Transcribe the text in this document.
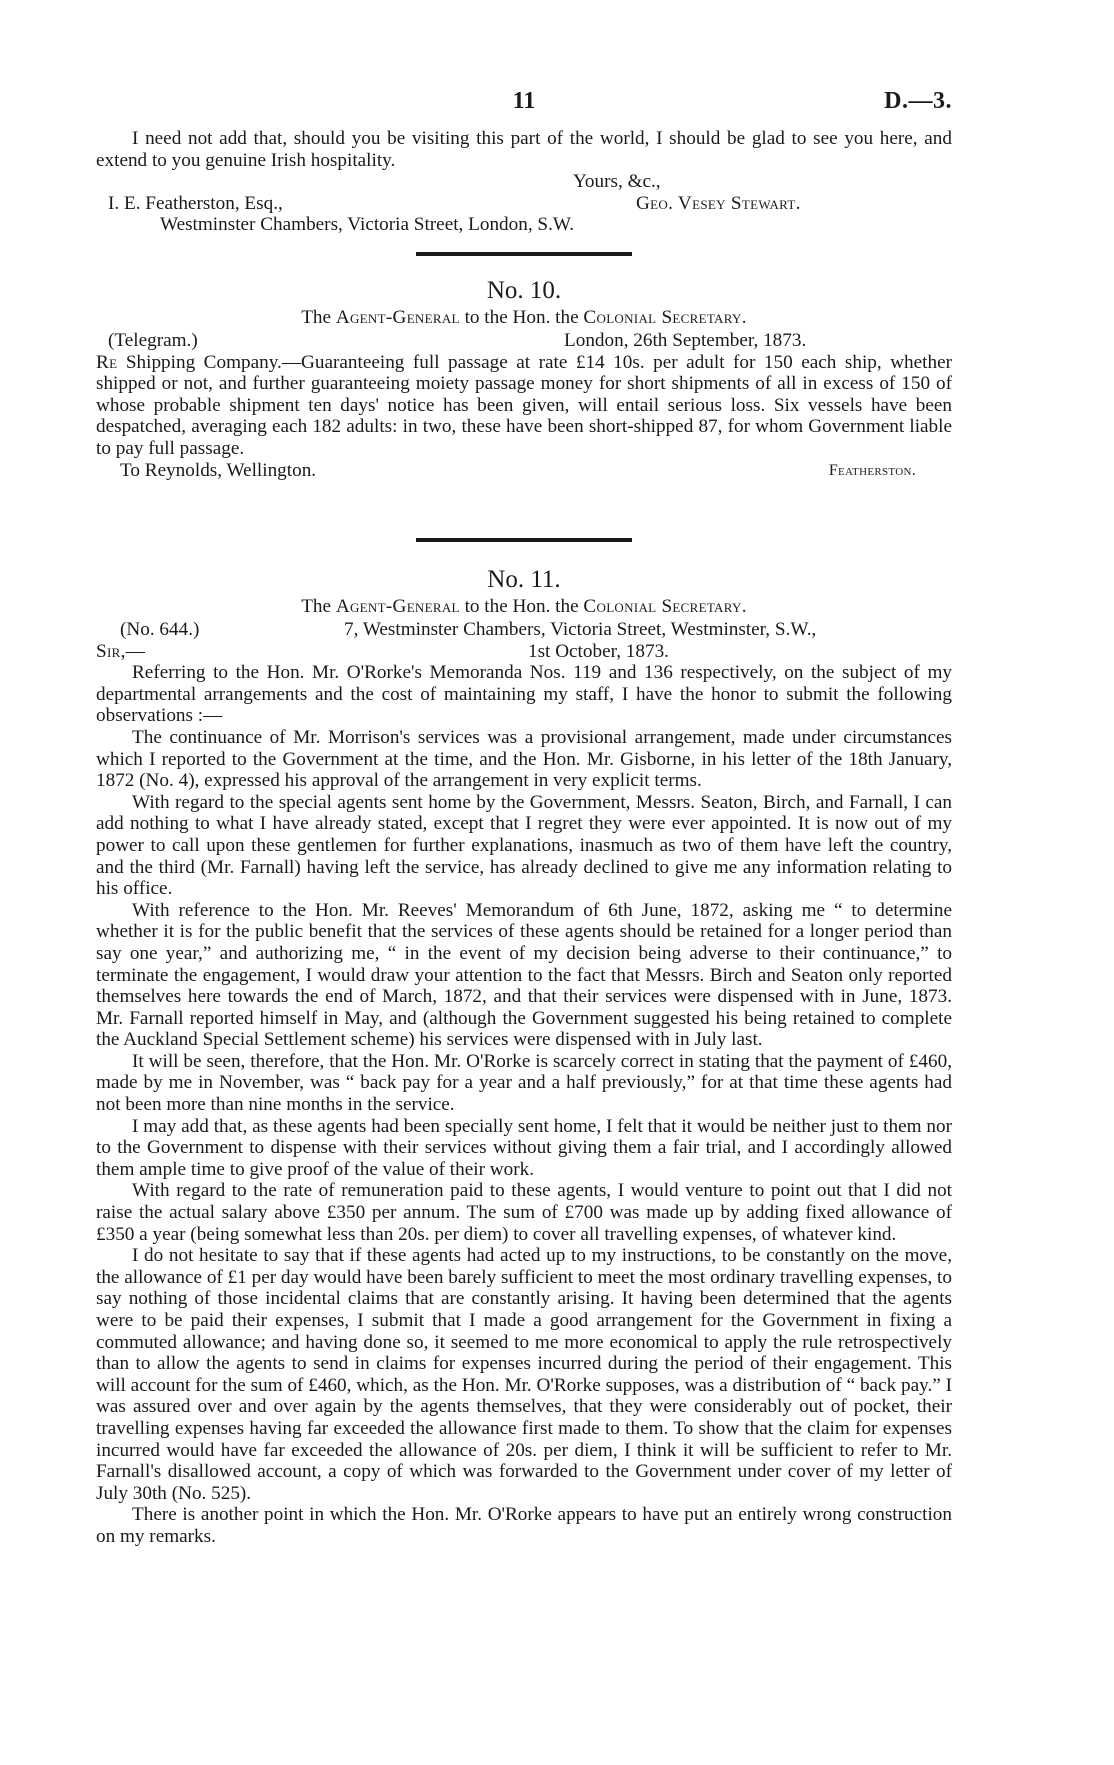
11	D.—3.

I need not add that, should you be visiting this part of the world, I should be glad to see you here, and extend to you genuine Irish hospitality.

Yours, &c.,
I. E. Featherston, Esq.,	Geo. Vesey Stewart.
Westminster Chambers, Victoria Street, London, S.W.
No. 10.
The Agent-General to the Hon. the Colonial Secretary.
(Telegram.)	London, 26th September, 1873.

Re Shipping Company.—Guaranteeing full passage at rate £14 10s. per adult for 150 each ship, whether shipped or not, and further guaranteeing moiety passage money for short shipments of all in excess of 150 of whose probable shipment ten days' notice has been given, will entail serious loss. Six vessels have been despatched, averaging each 182 adults: in two, these have been short-shipped 87, for whom Government liable to pay full passage.

To Reynolds, Wellington.	Featherston.
No. 11.
The Agent-General to the Hon. the Colonial Secretary.
(No. 644.)	7, Westminster Chambers, Victoria Street, Westminster, S.W.,
Sir,—	1st October, 1873.

Referring to the Hon. Mr. O'Rorke's Memoranda Nos. 119 and 136 respectively, on the subject of my departmental arrangements and the cost of maintaining my staff, I have the honor to submit the following observations :—

The continuance of Mr. Morrison's services was a provisional arrangement, made under circumstances which I reported to the Government at the time, and the Hon. Mr. Gisborne, in his letter of the 18th January, 1872 (No. 4), expressed his approval of the arrangement in very explicit terms.

With regard to the special agents sent home by the Government, Messrs. Seaton, Birch, and Farnall, I can add nothing to what I have already stated, except that I regret they were ever appointed. It is now out of my power to call upon these gentlemen for further explanations, inasmuch as two of them have left the country, and the third (Mr. Farnall) having left the service, has already declined to give me any information relating to his office.

With reference to the Hon. Mr. Reeves' Memorandum of 6th June, 1872, asking me “ to determine whether it is for the public benefit that the services of these agents should be retained for a longer period than say one year,” and authorizing me, “ in the event of my decision being adverse to their continuance,” to terminate the engagement, I would draw your attention to the fact that Messrs. Birch and Seaton only reported themselves here towards the end of March, 1872, and that their services were dispensed with in June, 1873. Mr. Farnall reported himself in May, and (although the Government suggested his being retained to complete the Auckland Special Settlement scheme) his services were dispensed with in July last.

It will be seen, therefore, that the Hon. Mr. O'Rorke is scarcely correct in stating that the payment of £460, made by me in November, was “ back pay for a year and a half previously,” for at that time these agents had not been more than nine months in the service.

I may add that, as these agents had been specially sent home, I felt that it would be neither just to them nor to the Government to dispense with their services without giving them a fair trial, and I accordingly allowed them ample time to give proof of the value of their work.

With regard to the rate of remuneration paid to these agents, I would venture to point out that I did not raise the actual salary above £350 per annum. The sum of £700 was made up by adding fixed allowance of £350 a year (being somewhat less than 20s. per diem) to cover all travelling expenses, of whatever kind.

I do not hesitate to say that if these agents had acted up to my instructions, to be constantly on the move, the allowance of £1 per day would have been barely sufficient to meet the most ordinary travelling expenses, to say nothing of those incidental claims that are constantly arising. It having been determined that the agents were to be paid their expenses, I submit that I made a good arrangement for the Government in fixing a commuted allowance; and having done so, it seemed to me more economical to apply the rule retrospectively than to allow the agents to send in claims for expenses incurred during the period of their engagement. This will account for the sum of £460, which, as the Hon. Mr. O'Rorke supposes, was a distribution of “ back pay.” I was assured over and over again by the agents themselves, that they were considerably out of pocket, their travelling expenses having far exceeded the allowance first made to them. To show that the claim for expenses incurred would have far exceeded the allowance of 20s. per diem, I think it will be sufficient to refer to Mr. Farnall's disallowed account, a copy of which was forwarded to the Government under cover of my letter of July 30th (No. 525).

There is another point in which the Hon. Mr. O'Rorke appears to have put an entirely wrong construction on my remarks.
